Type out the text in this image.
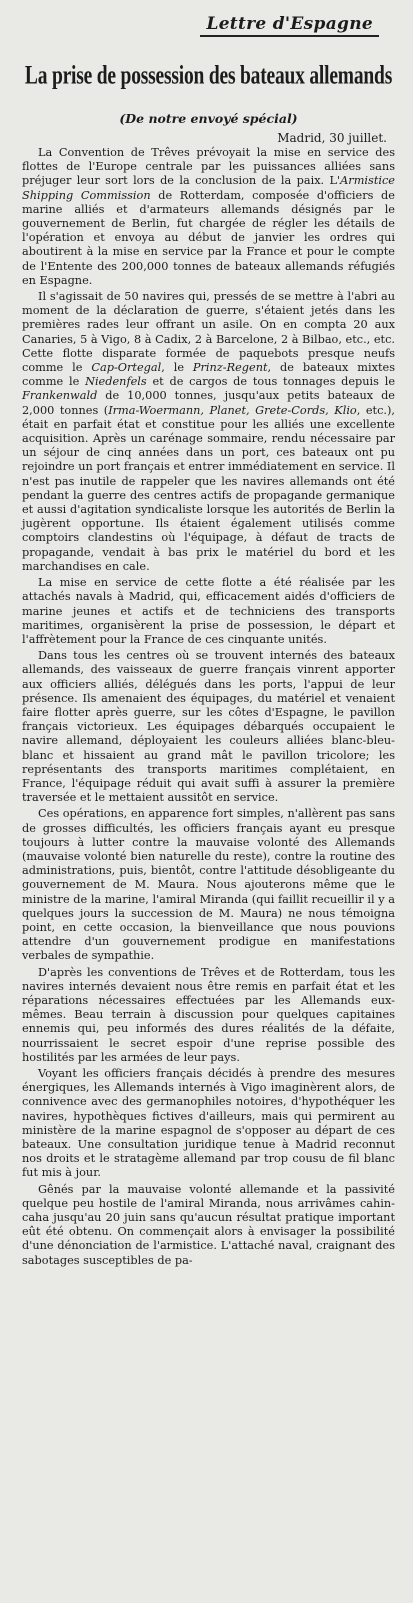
Lettre d'Espagne
La prise de possession des bateaux allemands
(De notre envoyé spécial)
Madrid, 30 juillet.

La Convention de Trêves prévoyait la mise en service des flottes de l'Europe centrale par les puissances alliées sans préjuger leur sort lors de la conclusion de la paix. L'Armistice Shipping Commission de Rotterdam, composée d'officiers de marine alliés et d'armateurs allemands désignés par le gouvernement de Berlin, fut chargée de régler les détails de l'opération et envoya au début de janvier les ordres qui aboutirent à la mise en service par la France et pour le compte de l'Entente des 200,000 tonnes de bateaux allemands réfugiés en Espagne.

Il s'agissait de 50 navires qui, pressés de se mettre à l'abri au moment de la déclaration de guerre, s'étaient jetés dans les premières rades leur offrant un asile. On en compta 20 aux Canaries, 5 à Vigo, 8 à Cadix, 2 à Barcelone, 2 à Bilbao, etc., etc. Cette flotte disparate formée de paquebots presque neufs comme le Cap-Ortegal, le Prinz-Regent, de bateaux mixtes comme le Niedenfels et de cargos de tous tonnages depuis le Frankenwald de 10,000 tonnes, jusqu'aux petits bateaux de 2,000 tonnes (Irma-Woermann, Planet, Grete-Cords, Klio, etc.), était en parfait état et constitue pour les alliés une excellente acquisition. Après un carénage sommaire, rendu nécessaire par un séjour de cinq années dans un port, ces bateaux ont pu rejoindre un port français et entrer immédiatement en service. Il n'est pas inutile de rappeler que les navires allemands ont été pendant la guerre des centres actifs de propagande germanique et aussi d'agitation syndicaliste lorsque les autorités de Berlin la jugèrent opportune. Ils étaient également utilisés comme comptoirs clandestins où l'équipage, à défaut de tracts de propagande, vendait à bas prix le matériel du bord et les marchandises en cale.

La mise en service de cette flotte a été réalisée par les attachés navals à Madrid, qui, efficacement aidés d'officiers de marine jeunes et actifs et de techniciens des transports maritimes, organisèrent la prise de possession, le départ et l'affrètement pour la France de ces cinquante unités.

Dans tous les centres où se trouvent internés des bateaux allemands, des vaisseaux de guerre français vinrent apporter aux officiers alliés, délégués dans les ports, l'appui de leur présence. Ils amenaient des équipages, du matériel et venaient faire flotter après guerre, sur les côtes d'Espagne, le pavillon français victorieux. Les équipages débarqués occupaient le navire allemand, déployaient les couleurs alliées blanc-bleu-blanc et hissaient au grand mât le pavillon tricolore; les représentants des transports maritimes complétaient, en France, l'équipage réduit qui avait suffi à assurer la première traversée et le mettaient aussitôt en service.

Ces opérations, en apparence fort simples, n'allèrent pas sans de grosses difficultés, les officiers français ayant eu presque toujours à lutter contre la mauvaise volonté des Allemands (mauvaise volonté bien naturelle du reste), contre la routine des administrations, puis, bientôt, contre l'attitude désobligeante du gouvernement de M. Maura. Nous ajouterons même que le ministre de la marine, l'amiral Miranda (qui faillit recueillir il y a quelques jours la succession de M. Maura) ne nous témoigna point, en cette occasion, la bienveillance que nous pouvions attendre d'un gouvernement prodigue en manifestations verbales de sympathie.

D'après les conventions de Trêves et de Rotterdam, tous les navires internés devaient nous être remis en parfait état et les réparations nécessaires effectuées par les Allemands eux-mêmes. Beau terrain à discussion pour quelques capitaines ennemis qui, peu informés des dures réalités de la défaite, nourrissaient le secret espoir d'une reprise possible des hostilités par les armées de leur pays.

Voyant les officiers français décidés à prendre des mesures énergiques, les Allemands internés à Vigo imaginèrent alors, de connivence avec des germanophiles notoires, d'hypothéquer les navires, hypothèques fictives d'ailleurs, mais qui permirent au ministère de la marine espagnol de s'opposer au départ de ces bateaux. Une consultation juridique tenue à Madrid reconnut nos droits et le stratagème allemand par trop cousu de fil blanc fut mis à jour.

Gênés par la mauvaise volonté allemande et la passivité quelque peu hostile de l'amiral Miranda, nous arrivâmes cahin-caha jusqu'au 20 juin sans qu'aucun résultat pratique important eût été obtenu. On commençait alors à envisager la possibilité d'une dénonciation de l'armistice. L'attaché naval, craignant des sabotages susceptibles de pa-
